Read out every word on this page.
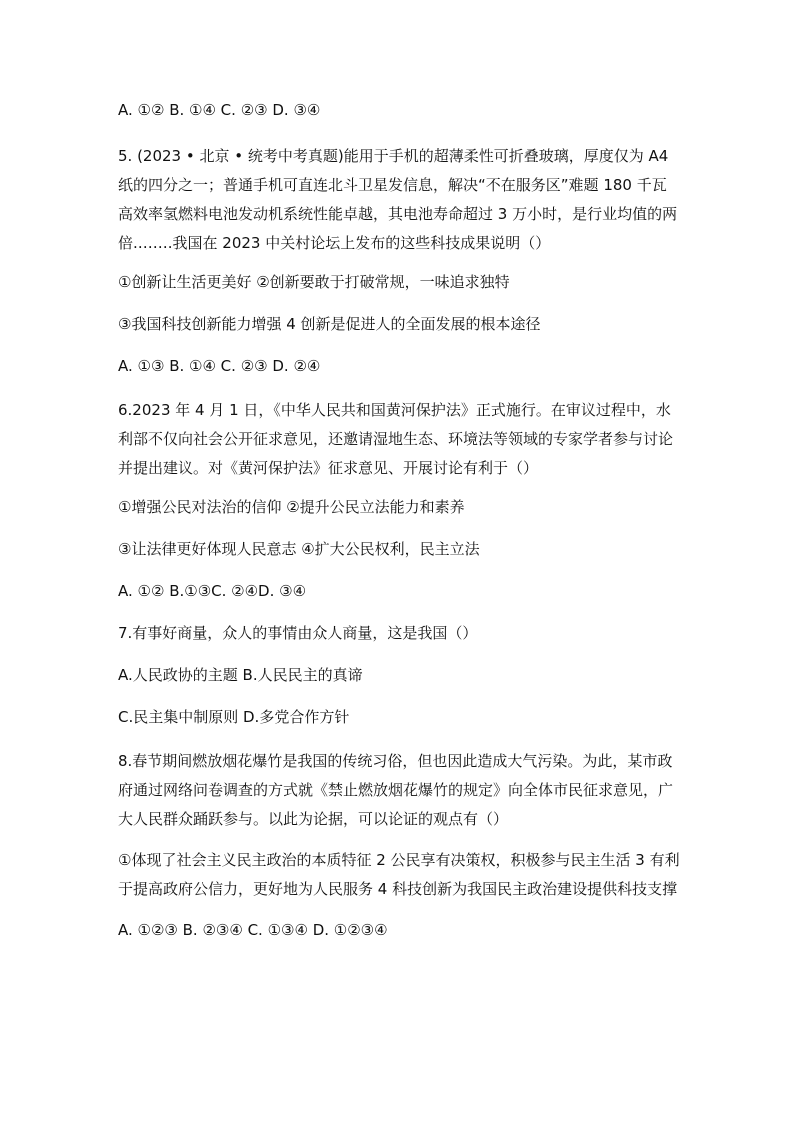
A. ①② B. ①④ C. ②③ D. ③④

5. (2023 • 北京 • 统考中考真题)能用于手机的超薄柔性可折叠玻璃，厚度仅为 A4 纸的四分之一；普通手机可直连北斗卫星发信息，解决“不在服务区”难题 180 千瓦高效率氢燃料电池发动机系统性能卓越，其电池寿命超过 3 万小时，是行业均值的两倍.…….我国在 2023 中关村论坛上发布的这些科技成果说明（）

①创新让生活更美好 ②创新要敢于打破常规，一味追求独特

③我国科技创新能力增强 4 创新是促进人的全面发展的根本途径

A. ①③ B. ①④ C. ②③ D. ②④

6.2023 年 4 月 1 日，《中华人民共和国黄河保护法》正式施行。在审议过程中，水利部不仅向社会公开征求意见，还邀请湿地生态、环境法等领域的专家学者参与讨论并提出建议。对《黄河保护法》征求意见、开展讨论有利于（）

①增强公民对法治的信仰 ②提升公民立法能力和素养

③让法律更好体现人民意志 ④扩大公民权利，民主立法

A. ①② B.①③C. ②④D. ③④

7.有事好商量，众人的事情由众人商量，这是我国（）

A.人民政协的主题 B.人民民主的真谛

C.民主集中制原则 D.多党合作方针

8.春节期间燃放烟花爆竹是我国的传统习俗，但也因此造成大气污染。为此，某市政府通过网络问卷调查的方式就《禁止燃放烟花爆竹的规定》向全体市民征求意见，广大人民群众踊跃参与。以此为论据，可以论证的观点有（）

①体现了社会主义民主政治的本质特征 2 公民享有决策权，积极参与民主生活 3 有利于提高政府公信力，更好地为人民服务 4 科技创新为我国民主政治建设提供科技支撑

A. ①②③ B. ②③④ C. ①③④ D. ①②③④
